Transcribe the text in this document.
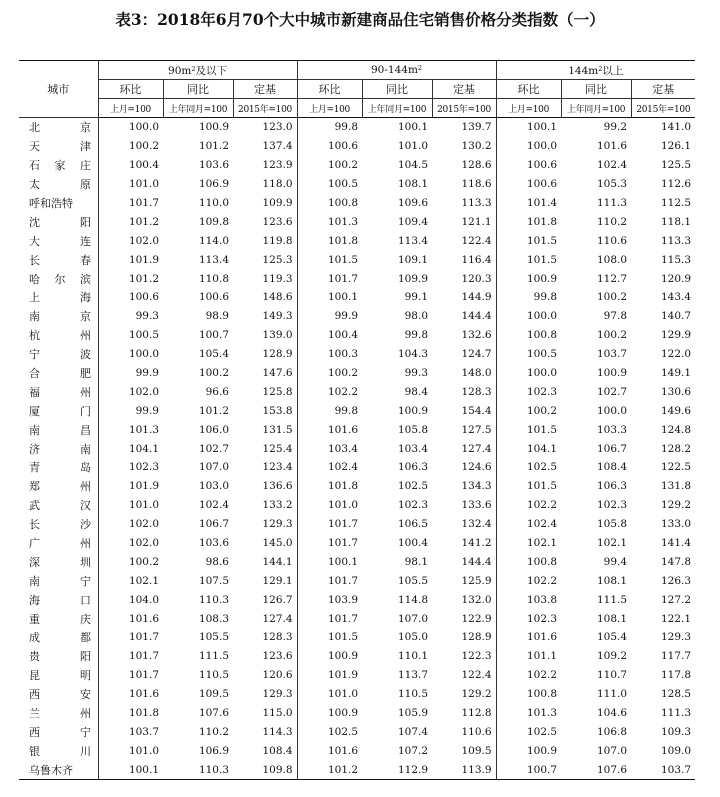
表3：2018年6月70个大中城市新建商品住宅销售价格分类指数（一）
城市	$90m^2$及以下			$90-144m^2$			$144m^2$以上		
	环比	同比	定基	环比	同比	定基	环比	同比	定基
	上月=100	上年同月=100	2015年=100	上月=100	上年同月=100	2015年=100	上月=100	上年同月=100	2015年=100
北京	100.0	100.9	123.0	99.8	100.1	139.7	100.1	99.2	141.0
天津	100.2	101.2	137.4	100.6	101.0	130.2	100.0	101.6	126.1
石家庄	100.4	103.6	123.9	100.2	104.5	128.6	100.6	102.4	125.5
太原	101.0	106.9	118.0	100.5	108.1	118.6	100.6	105.3	112.6
呼和浩特	101.7	110.0	109.9	100.8	109.6	113.3	101.4	111.3	112.5
沈阳	101.2	109.8	123.6	101.3	109.4	121.1	101.8	110.2	118.1
大连	102.0	114.0	119.8	101.8	113.4	122.4	101.5	110.6	113.3
长春	101.9	113.4	125.3	101.5	109.1	116.4	101.5	108.0	115.3
哈尔滨	101.2	110.8	119.3	101.7	109.9	120.3	100.9	112.7	120.9
上海	100.6	100.6	148.6	100.1	99.1	144.9	99.8	100.2	143.4
南京	99.3	98.9	149.3	99.9	98.0	144.4	100.0	97.8	140.7
杭州	100.5	100.7	139.0	100.4	99.8	132.6	100.8	100.2	129.9
宁波	100.0	105.4	128.9	100.3	104.3	124.7	100.5	103.7	122.0
合肥	99.9	100.2	147.6	100.2	99.3	148.0	100.0	100.9	149.1
福州	102.0	96.6	125.8	102.2	98.4	128.3	102.3	102.7	130.6
厦门	99.9	101.2	153.8	99.8	100.9	154.4	100.2	100.0	149.6
南昌	101.3	106.0	131.5	101.6	105.8	127.5	101.5	103.3	124.8
济南	104.1	102.7	125.4	103.4	103.4	127.4	104.1	106.7	128.2
青岛	102.3	107.0	123.4	102.4	106.3	124.6	102.5	108.4	122.5
郑州	101.9	103.0	136.6	101.8	102.5	134.3	101.5	106.3	131.8
武汉	101.0	102.4	133.2	101.0	102.3	133.6	102.2	102.3	129.2
长沙	102.0	106.7	129.3	101.7	106.5	132.4	102.4	105.8	133.0
广州	102.0	103.6	145.0	101.7	100.4	141.2	102.1	102.1	141.4
深圳	100.2	98.6	144.1	100.1	98.1	144.4	100.8	99.4	147.8
南宁	102.1	107.5	129.1	101.7	105.5	125.9	102.2	108.1	126.3
海口	104.0	110.3	126.7	103.9	114.8	132.0	103.8	111.5	127.2
重庆	101.6	108.3	127.4	101.7	107.0	122.9	102.3	108.1	122.1
成都	101.7	105.5	128.3	101.5	105.0	128.9	101.6	105.4	129.3
贵阳	101.7	111.5	123.6	100.9	110.1	122.3	101.1	109.2	117.7
昆明	101.7	110.5	120.6	101.9	113.7	122.4	102.2	110.7	117.8
西安	101.6	109.5	129.3	101.0	110.5	129.2	100.8	111.0	128.5
兰州	101.8	107.6	115.0	100.9	105.9	112.8	101.3	104.6	111.3
西宁	103.7	110.2	114.3	102.5	107.4	110.6	102.5	106.8	109.3
银川	101.0	106.9	108.4	101.6	107.2	109.5	100.9	107.0	109.0
乌鲁木齐	100.1	110.3	109.8	101.2	112.9	113.9	100.7	107.6	103.7
